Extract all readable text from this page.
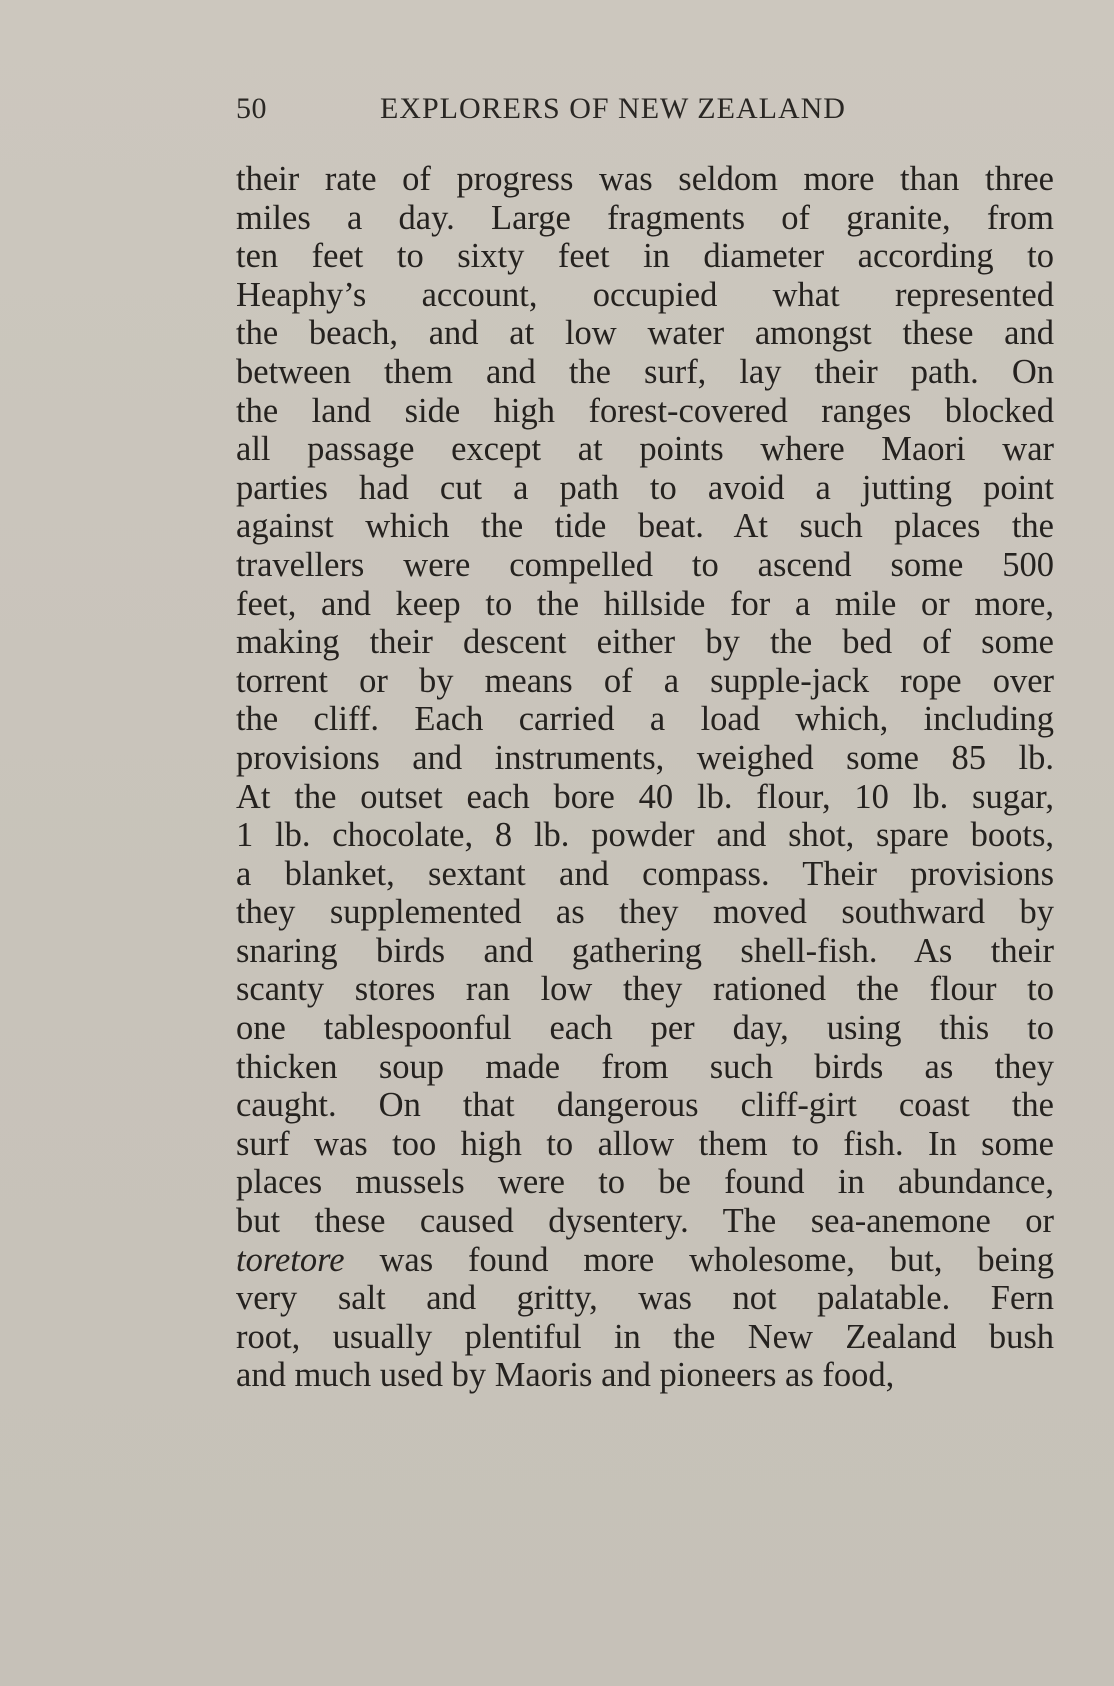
50	EXPLORERS OF NEW ZEALAND
their rate of progress was seldom more than three
miles a day. Large fragments of granite, from
ten feet to sixty feet in diameter according to
Heaphy’s account, occupied what represented
the beach, and at low water amongst these and
between them and the surf, lay their path. On
the land side high forest-covered ranges blocked
all passage except at points where Maori war
parties had cut a path to avoid a jutting point
against which the tide beat. At such places the
travellers were compelled to ascend some 500
feet, and keep to the hillside for a mile or more,
making their descent either by the bed of some
torrent or by means of a supple-jack rope over
the cliff. Each carried a load which, including
provisions and instruments, weighed some 85 lb.
At the outset each bore 40 lb. flour, 10 lb. sugar,
1 lb. chocolate, 8 lb. powder and shot, spare boots,
a blanket, sextant and compass. Their provisions
they supplemented as they moved southward by
snaring birds and gathering shell-fish. As their
scanty stores ran low they rationed the flour to
one tablespoonful each per day, using this to
thicken soup made from such birds as they
caught. On that dangerous cliff-girt coast the
surf was too high to allow them to fish. In some
places mussels were to be found in abundance,
but these caused dysentery. The sea-anemone or
toretore was found more wholesome, but, being
very salt and gritty, was not palatable. Fern
root, usually plentiful in the New Zealand bush
and much used by Maoris and pioneers as food,
